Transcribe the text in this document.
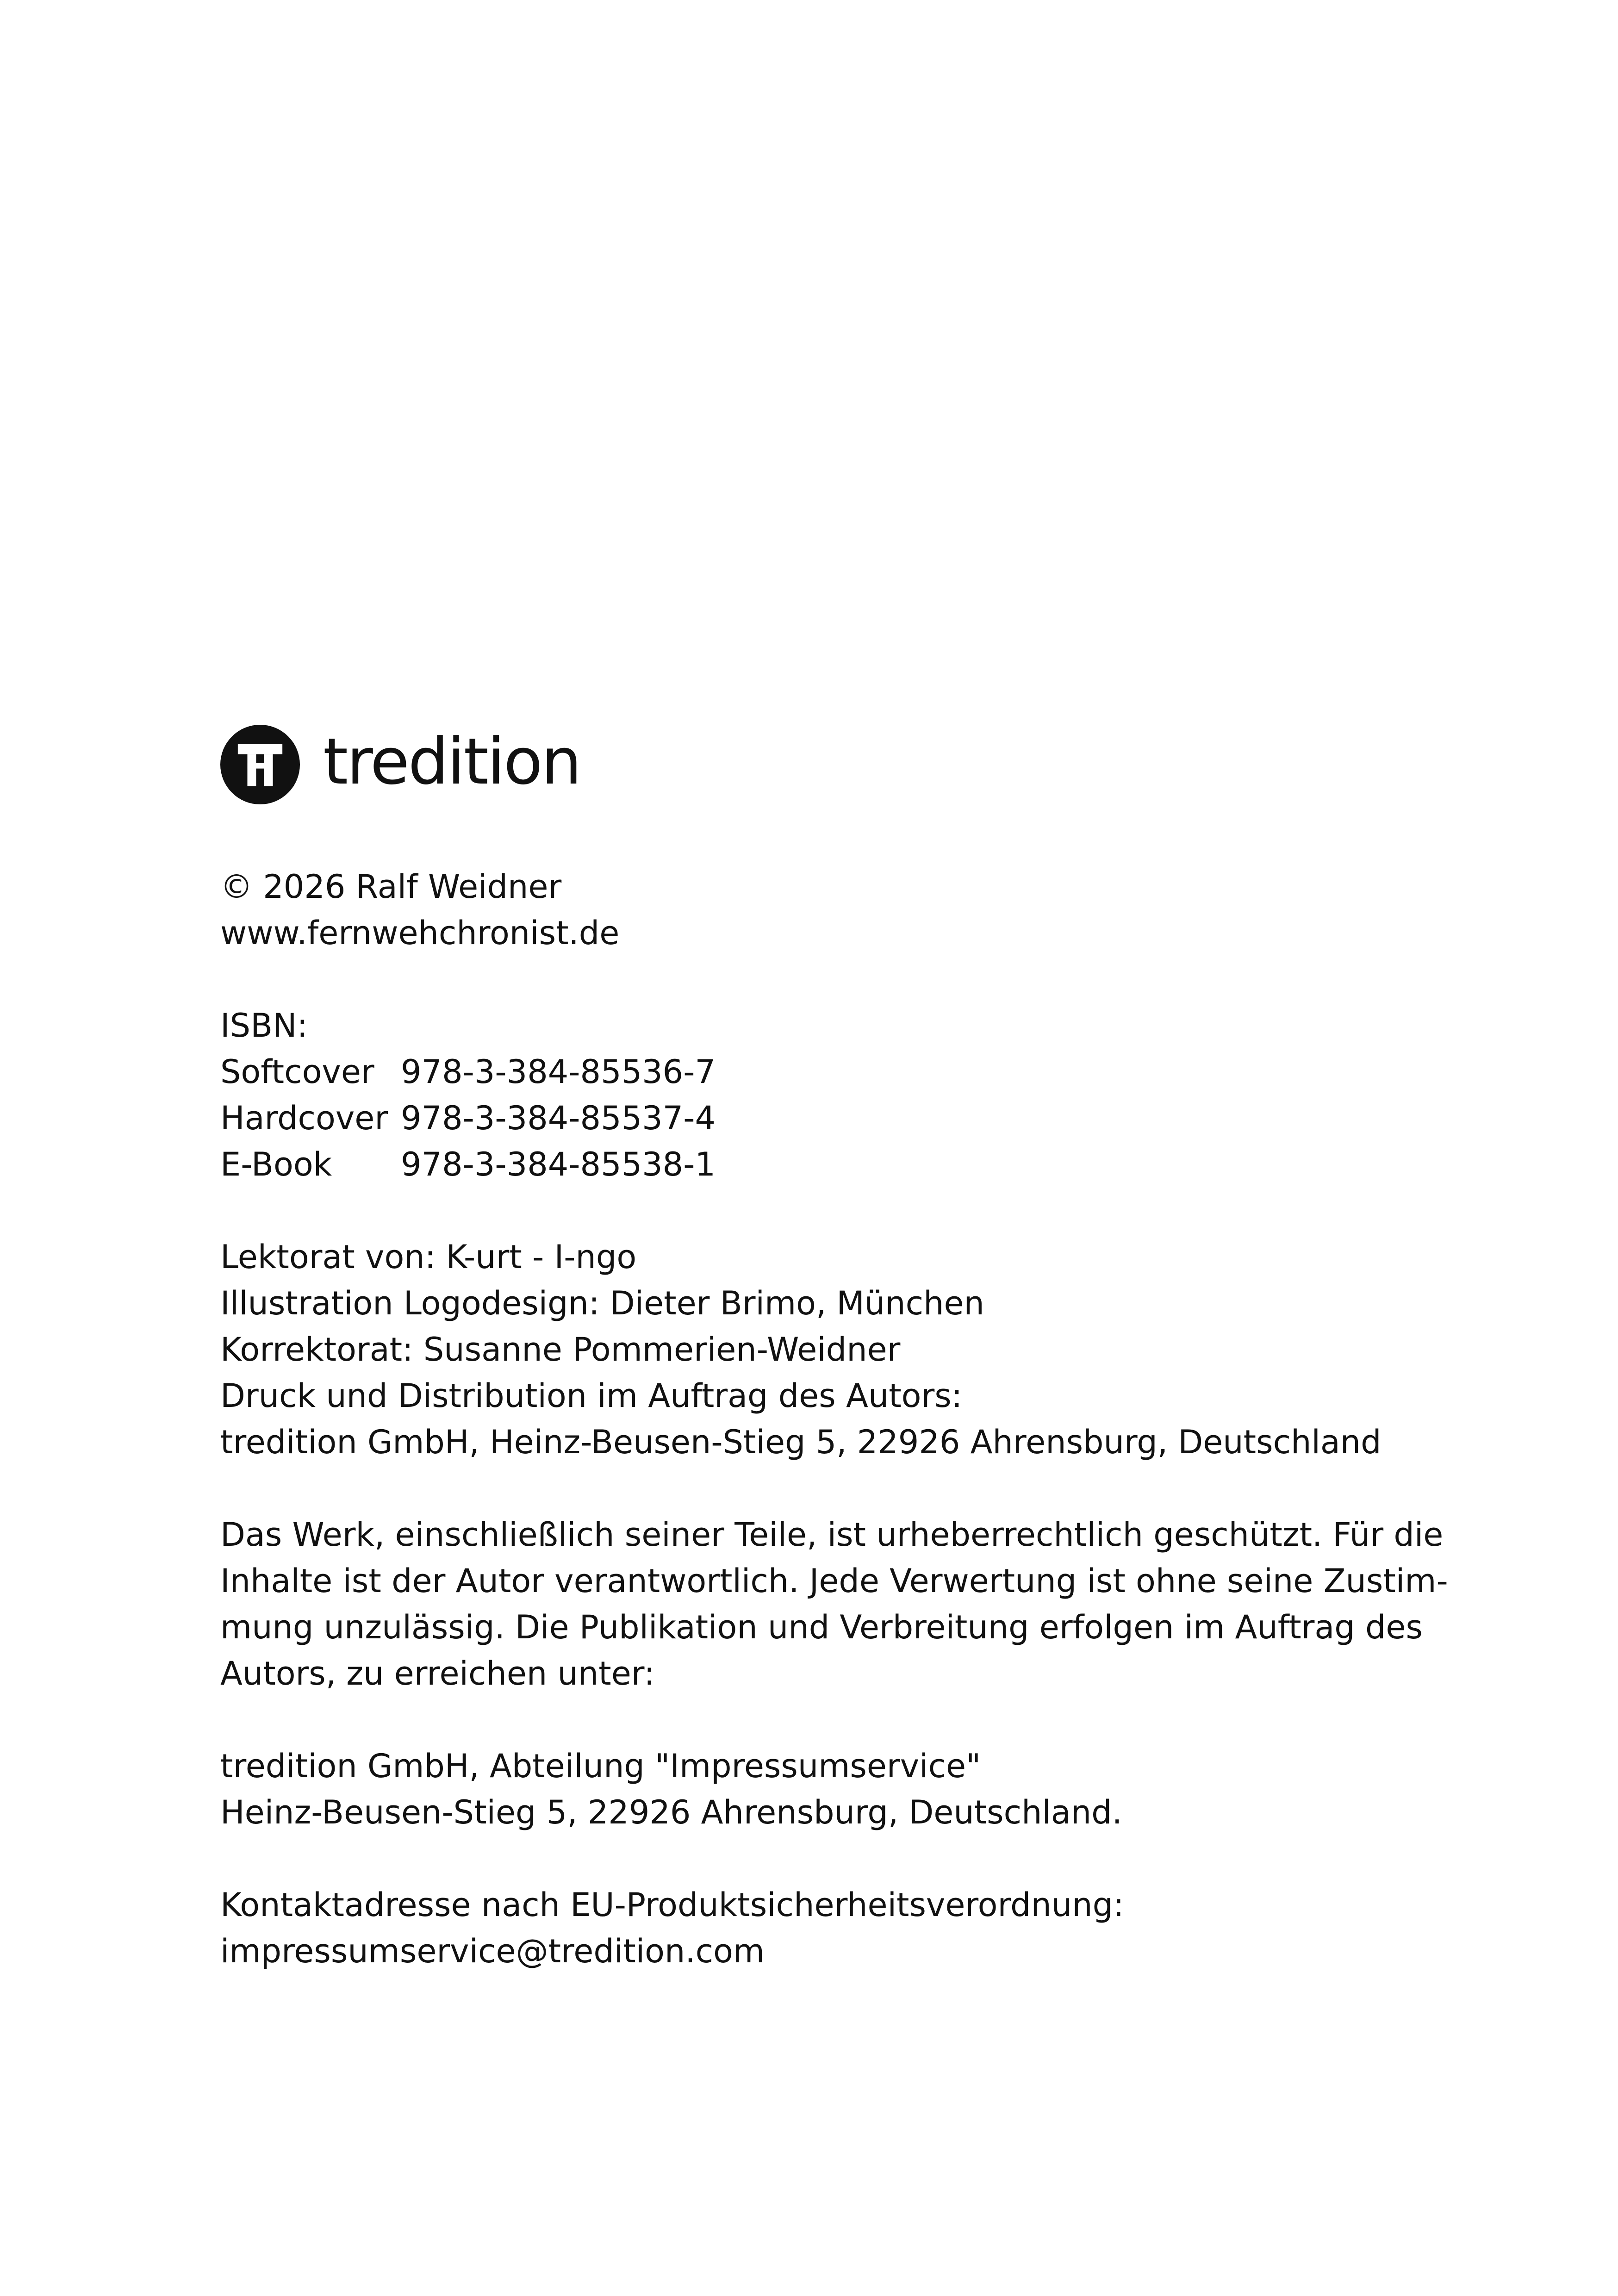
tredition
© 2026 Ralf Weidner
www.fernwehchronist.de
ISBN:
Softcover 978-3-384-85536-7
Hardcover 978-3-384-85537-4
E-Book	978-3-384-85538-1
Lektorat von: K-urt - I-ngo
Illustration Logodesign: Dieter Brimo, München
Korrektorat: Susanne Pommerien-Weidner
Druck und Distribution im Auftrag des Autors:
tredition GmbH, Heinz-Beusen-Stieg 5, 22926 Ahrensburg, Deutschland
Das Werk, einschließlich seiner Teile, ist urheberrechtlich geschützt. Für die
Inhalte ist der Autor verantwortlich. Jede Verwertung ist ohne seine Zustim-
mung unzulässig. Die Publikation und Verbreitung erfolgen im Auftrag des
Autors, zu erreichen unter:
tredition GmbH, Abteilung "Impressumservice"
Heinz-Beusen-Stieg 5, 22926 Ahrensburg, Deutschland.
Kontaktadresse nach EU-Produktsicherheitsverordnung:
impressumservice@tredition.com
